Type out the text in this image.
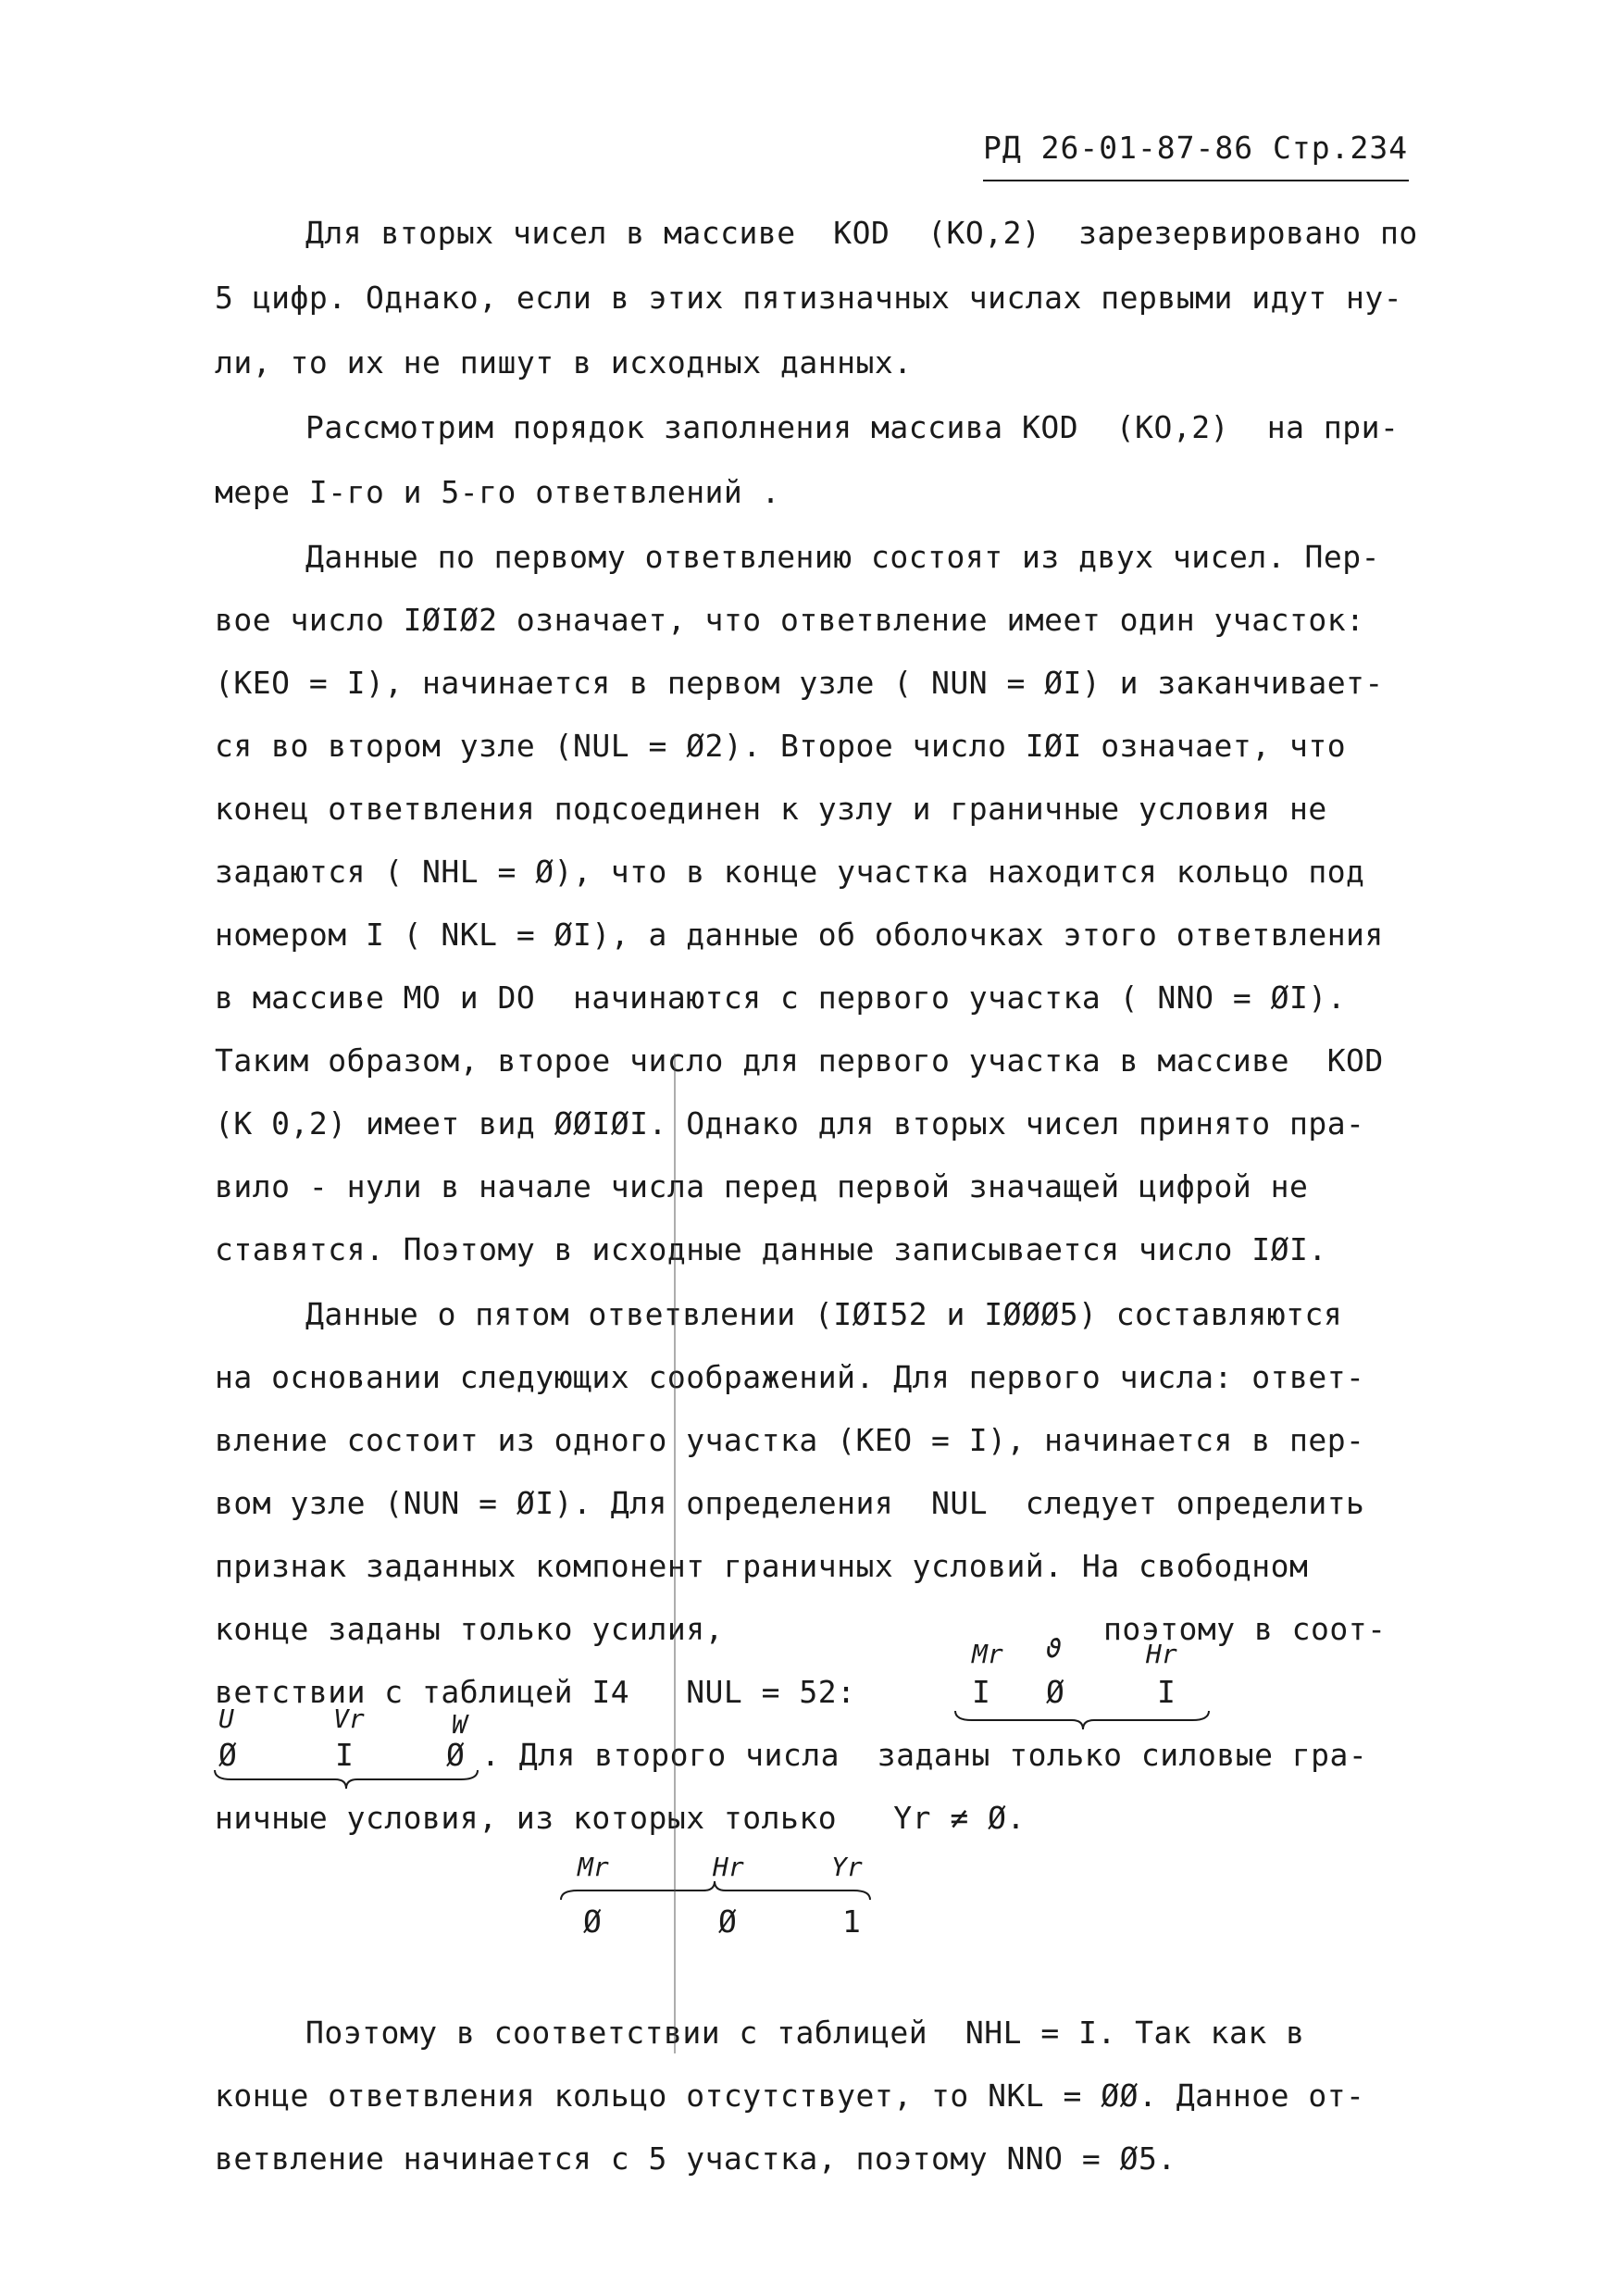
РД 26-01-87-86 Стр.234
Для вторых чисел в массиве  KOD  (KO,2)  зарезервировано по
5 цифр. Однако, если в этих пятизначных числах первыми идут ну-
ли, то их не пишут в исходных данных.
Рассмотрим порядок заполнения массива KOD  (KO,2)  на при-
мере I-го и 5-го ответвлений .
Данные по первому ответвлению состоят из двух чисел. Пер-
вое число IØIØ2 означает, что ответвление имеет один участок:
(KEO = I), начинается в первом узле ( NUN = ØI) и заканчивает-
ся во втором узле (NUL = Ø2). Второе число IØI означает, что
конец ответвления подсоединен к узлу и граничные условия не
задаются ( NHL = Ø), что в конце участка находится кольцо под
номером I ( NKL = ØI), а данные об оболочках этого ответвления
в массиве MO и DO  начинаются с первого участка ( NNO = ØI).
Таким образом, второе число для первого участка в массиве  KOD
(K 0,2) имеет вид ØØIØI. Однако для вторых чисел принято пра-
вило - нули в начале числа перед первой значащей цифрой не
ставятся. Поэтому в исходные данные записывается число IØI.
Данные о пятом ответвлении (IØI52 и IØØØ5) составляются
на основании следующих соображений. Для первого числа: ответ-
вление состоит из одного участка (KEO = I), начинается в пер-
вом узле (NUN = ØI). Для определения  NUL  следует определить
признак заданных компонент граничных условий. На свободном
конце заданы только усилия,	поэтому в соот-
ветствии с таблицей I4   NUL = 52:
Mr ϑ	Hr
I Ø	I
U	Vr	W
Ø	I	Ø . Для второго числа  заданы только силовые гра-
ничные условия, из которых только   Yr ≠ Ø.
Mr	Hr	Yr
Ø	Ø	1
Поэтому в соответствии с таблицей  NHL = I. Так как в
конце ответвления кольцо отсутствует, то NKL = ØØ. Данное от-
ветвление начинается с 5 участка, поэтому NNO = Ø5.
